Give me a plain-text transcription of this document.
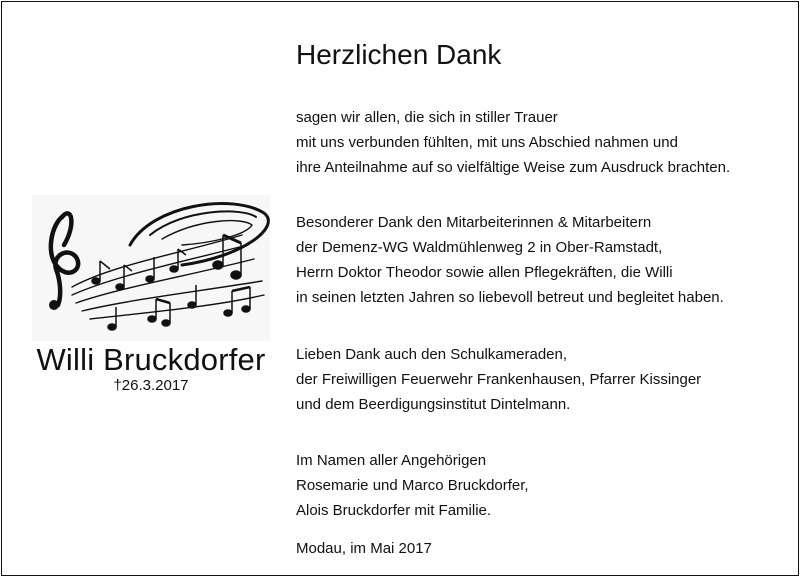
Willi Bruckdorfer
†26.3.2017
Herzlichen Dank
sagen wir allen, die sich in stiller Trauer
mit uns verbunden fühlten, mit uns Abschied nahmen und
ihre Anteilnahme auf so vielfältige Weise zum Ausdruck brachten.
Besonderer Dank den Mitarbeiterinnen & Mitarbeitern
der Demenz-WG Waldmühlenweg 2 in Ober-Ramstadt,
Herrn Doktor Theodor sowie allen Pflegekräften, die Willi
in seinen letzten Jahren so liebevoll betreut und begleitet haben.
Lieben Dank auch den Schulkameraden,
der Freiwilligen Feuerwehr Frankenhausen, Pfarrer Kissinger
und dem Beerdigungsinstitut Dintelmann.
Im Namen aller Angehörigen
Rosemarie und Marco Bruckdorfer,
Alois Bruckdorfer mit Familie.
Modau, im Mai 2017
